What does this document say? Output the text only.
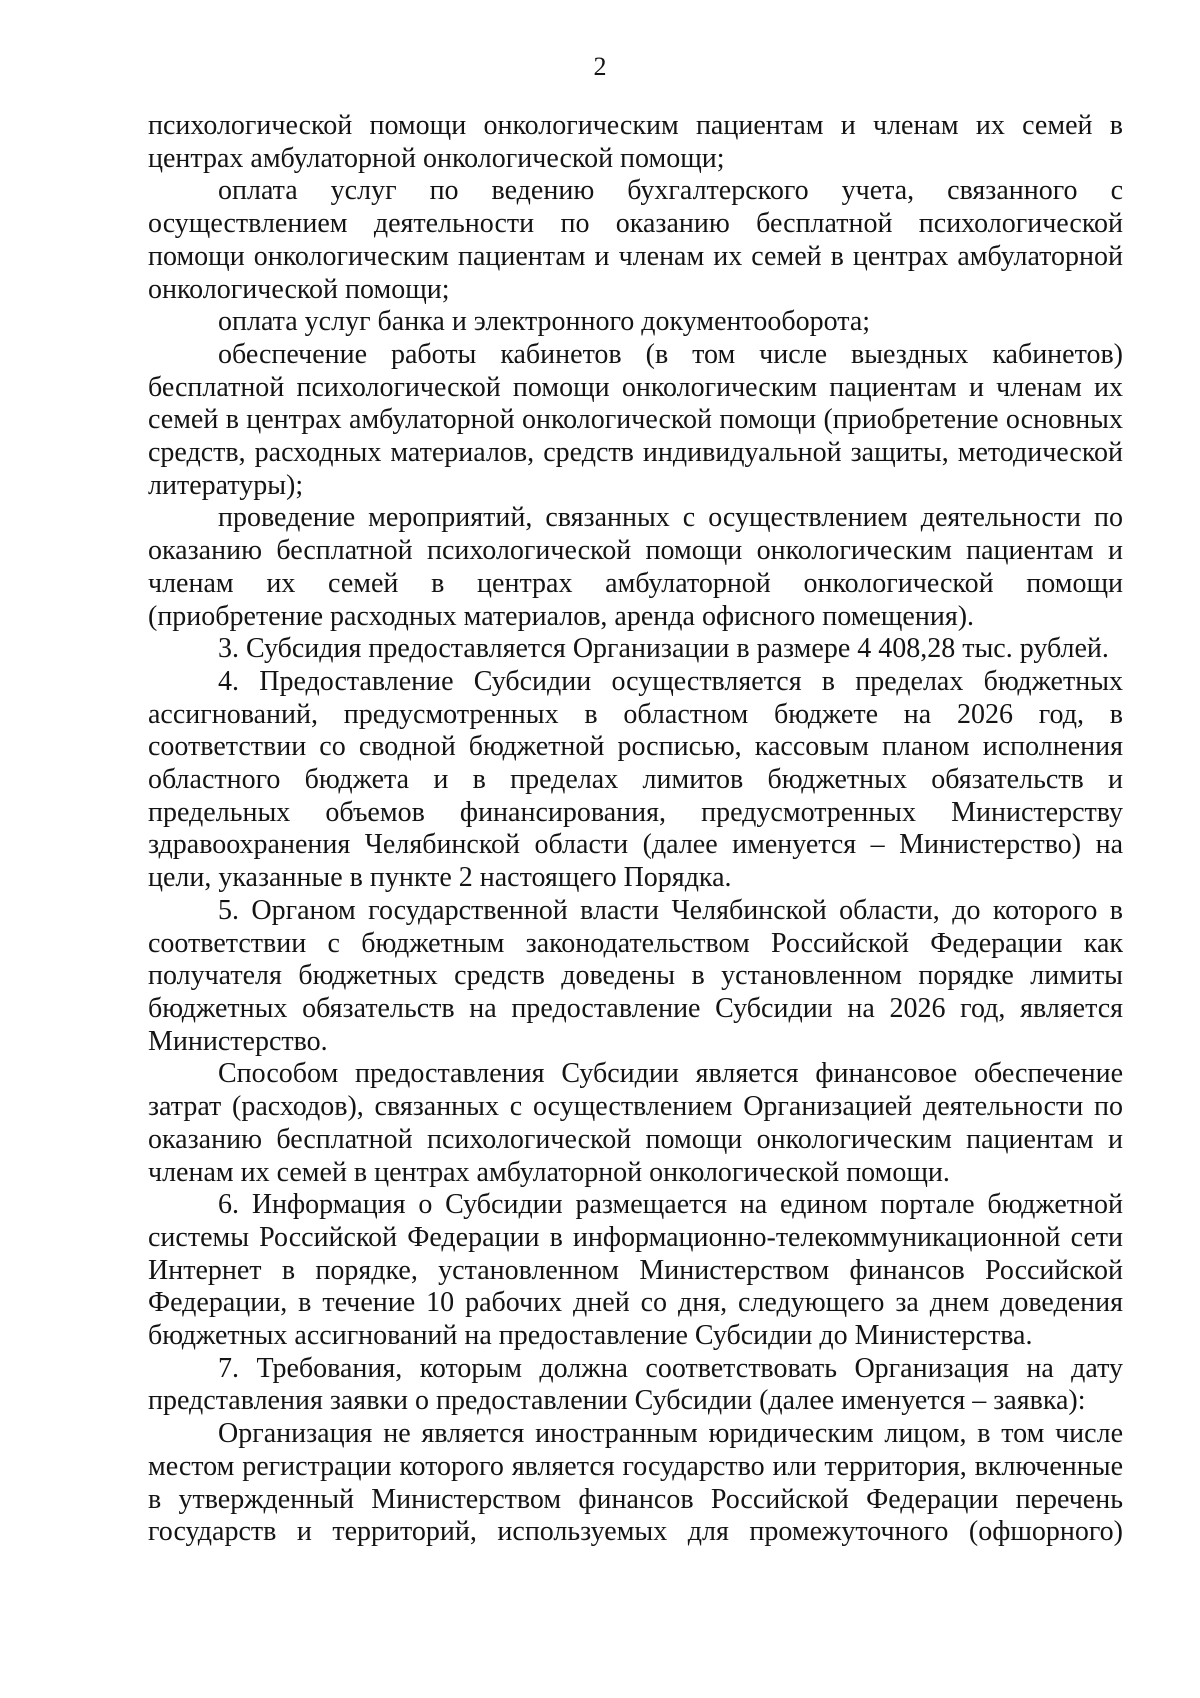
2

психологической помощи онкологическим пациентам и членам их семей в центрах амбулаторной онкологической помощи;

оплата услуг по ведению бухгалтерского учета, связанного с осуществлением деятельности по оказанию бесплатной психологической помощи онкологическим пациентам и членам их семей в центрах амбулаторной онкологической помощи;

оплата услуг банка и электронного документооборота;

обеспечение работы кабинетов (в том числе выездных кабинетов) бесплатной психологической помощи онкологическим пациентам и членам их семей в центрах амбулаторной онкологической помощи (приобретение основных средств, расходных материалов, средств индивидуальной защиты, методической литературы);

проведение мероприятий, связанных с осуществлением деятельности по оказанию бесплатной психологической помощи онкологическим пациентам и членам их семей в центрах амбулаторной онкологической помощи (приобретение расходных материалов, аренда офисного помещения).

3. Субсидия предоставляется Организации в размере 4 408,28 тыс. рублей.

4. Предоставление Субсидии осуществляется в пределах бюджетных ассигнований, предусмотренных в областном бюджете на 2026 год, в соответствии со сводной бюджетной росписью, кассовым планом исполнения областного бюджета и в пределах лимитов бюджетных обязательств и предельных объемов финансирования, предусмотренных Министерству здравоохранения Челябинской области (далее именуется – Министерство) на цели, указанные в пункте 2 настоящего Порядка.

5. Органом государственной власти Челябинской области, до которого в соответствии с бюджетным законодательством Российской Федерации как получателя бюджетных средств доведены в установленном порядке лимиты бюджетных обязательств на предоставление Субсидии на 2026 год, является Министерство.

Способом предоставления Субсидии является финансовое обеспечение затрат (расходов), связанных с осуществлением Организацией деятельности по оказанию бесплатной психологической помощи онкологическим пациентам и членам их семей в центрах амбулаторной онкологической помощи.

6. Информация о Субсидии размещается на едином портале бюджетной системы Российской Федерации в информационно-телекоммуникационной сети Интернет в порядке, установленном Министерством финансов Российской Федерации, в течение 10 рабочих дней со дня, следующего за днем доведения бюджетных ассигнований на предоставление Субсидии до Министерства.

7. Требования, которым должна соответствовать Организация на дату представления заявки о предоставлении Субсидии (далее именуется – заявка):

Организация не является иностранным юридическим лицом, в том числе местом регистрации которого является государство или территория, включенные в утвержденный Министерством финансов Российской Федерации перечень государств и территорий, используемых для промежуточного (офшорного)
